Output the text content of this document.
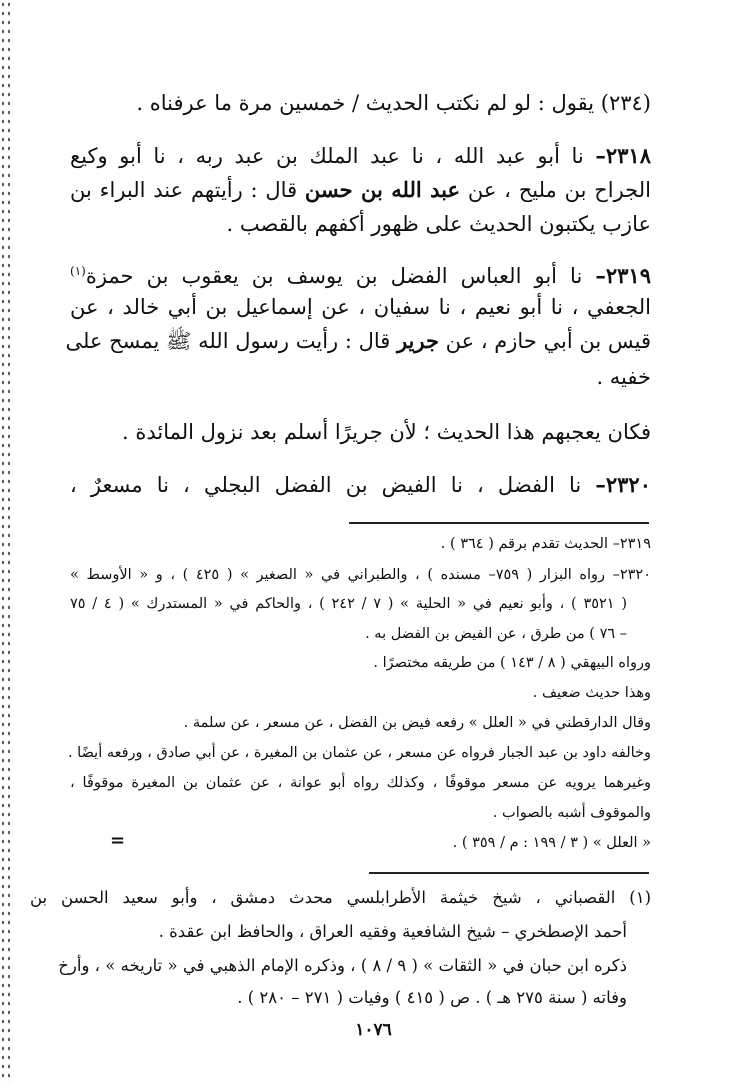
(٢٣٤) يقول : لو لم نكتب الحديث / خمسين مرة ما عرفناه .
٢٣١٨– نا أبو عبد الله ، نا عبد الملك بن عبد ربه ، نا أبو وكيع
الجراح بن مليح ، عن عبد الله بن حسن قال : رأيتهم عند البراء بن
عازب يكتبون الحديث على ظهور أكفهم بالقصب .
٢٣١٩– نا أبو العباس الفضل بن يوسف بن يعقوب بن حمزة$^{(١)}$
الجعفي ، نا أبو نعيم ، نا سفيان ، عن إسماعيل بن أبي خالد ، عن
قيس بن أبي حازم ، عن جرير قال : رأيت رسول الله ﷺ يمسح على
خفيه .
فكان يعجبهم هذا الحديث ؛ لأن جريرًا أسلم بعد نزول المائدة .
٢٣٢٠– نا الفضل ، نا الفيض بن الفضل البجلي ، نا مسعرٌ ،
٢٣١٩– الحديث تقدم برقم ( ٣٦٤ ) .
٢٣٢٠– رواه البزار ( ٧٥٩– مسنده ) ، والطبراني في « الصغير » ( ٤٢٥ ) ، و « الأوسط »
( ٣٥٢١ ) ، وأبو نعيم في « الحلية » ( ٧ / ٢٤٢ ) ، والحاكم في « المستدرك » ( ٤ / ٧٥
– ٧٦ ) من طرق ، عن الفيض بن الفضل به .
ورواه البيهقي ( ٨ / ١٤٣ ) من طريقه مختصرًا .
وهذا حديث ضعيف .
وقال الدارقطني في « العلل » رفعه فيض بن الفضل ، عن مسعر ، عن سلمة .
وخالفه داود بن عبد الجبار فرواه عن مسعر ، عن عثمان بن المغيرة ، عن أبي صادق ، ورفعه أيضًا .
وغيرهما يرويه عن مسعر موقوفًا ، وكذلك رواه أبو عوانة ، عن عثمان بن المغيرة موقوفًا ،
والموقوف أشبه بالصواب .
« العلل » ( ٣ / ١٩٩ : م / ٣٥٩ ) .
=
(١) القصباني ، شيخ خيثمة الأطرابلسي محدث دمشق ، وأبو سعيد الحسن بن
أحمد الإصطخري – شيخ الشافعية وفقيه العراق ، والحافظ ابن عقدة .
ذكره ابن حبان في « الثقات » ( ٩ / ٨ ) ، وذكره الإمام الذهبي في « تاريخه » ، وأرخ
وفاته ( سنة ٢٧٥ هـ ) . ص ( ٤١٥ ) وفيات ( ٢٧١ – ٢٨٠ ) .
١٠٧٦
